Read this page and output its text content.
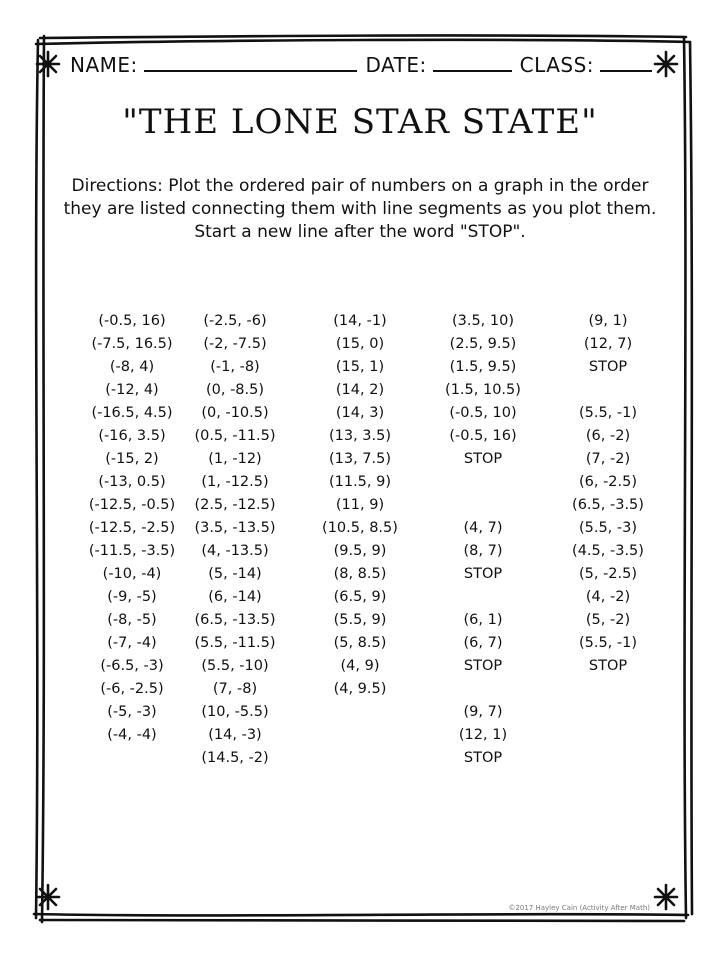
NAME:	DATE:	CLASS:
"THE LONE STAR STATE"
Directions: Plot the ordered pair of numbers on a graph in the order
they are listed connecting them with line segments as you plot them.
Start a new line after the word "STOP".
(-0.5, 16)
(-7.5, 16.5)
(-8, 4)
(-12, 4)
(-16.5, 4.5)
(-16, 3.5)
(-15, 2)
(-13, 0.5)
(-12.5, -0.5)
(-12.5, -2.5)
(-11.5, -3.5)
(-10, -4)
(-9, -5)
(-8, -5)
(-7, -4)
(-6.5, -3)
(-6, -2.5)
(-5, -3)
(-4, -4)
(-2.5, -6)
(-2, -7.5)
(-1, -8)
(0, -8.5)
(0, -10.5)
(0.5, -11.5)
(1, -12)
(1, -12.5)
(2.5, -12.5)
(3.5, -13.5)
(4, -13.5)
(5, -14)
(6, -14)
(6.5, -13.5)
(5.5, -11.5)
(5.5, -10)
(7, -8)
(10, -5.5)
(14, -3)
(14.5, -2)
(14, -1)
(15, 0)
(15, 1)
(14, 2)
(14, 3)
(13, 3.5)
(13, 7.5)
(11.5, 9)
(11, 9)
(10.5, 8.5)
(9.5, 9)
(8, 8.5)
(6.5, 9)
(5.5, 9)
(5, 8.5)
(4, 9)
(4, 9.5)
(3.5, 10)
(2.5, 9.5)
(1.5, 9.5)
(1.5, 10.5)
(-0.5, 10)
(-0.5, 16)
STOP
(4, 7)
(8, 7)
STOP
(6, 1)
(6, 7)
STOP
(9, 7)
(12, 1)
STOP
(9, 1)
(12, 7)
STOP
(5.5, -1)
(6, -2)
(7, -2)
(6, -2.5)
(6.5, -3.5)
(5.5, -3)
(4.5, -3.5)
(5, -2.5)
(4, -2)
(5, -2)
(5.5, -1)
STOP
©2017 Hayley Cain (Activity After Math)
